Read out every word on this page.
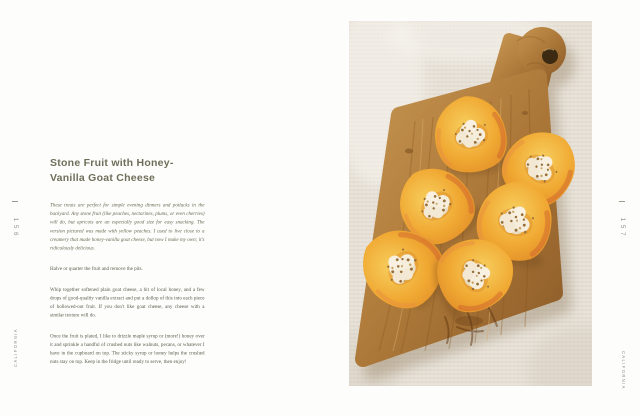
156
CALIFORNIA
Stone Fruit with Honey-
Vanilla Goat Cheese

These treats are perfect for simple evening dinners and potlucks in the backyard. Any stone fruit (like peaches, nectarines, plums, or even cherries) will do, but apricots are an especially good size for easy snacking. The version pictured was made with yellow peaches. I used to live close to a creamery that made honey-vanilla goat cheese, but now I make my own; it's ridiculously delicious.

Halve or quarter the fruit and remove the pits.

Whip together softened plain goat cheese, a bit of local honey, and a few drops of good-quality vanilla extract and put a dollop of this into each piece of hollowed-out fruit. If you don't like goat cheese, any cheese with a similar texture will do.

Once the fruit is plated, I like to drizzle maple syrup or (more!) honey over it and sprinkle a handful of crushed nuts like walnuts, pecans, or whatever I have in the cupboard on top. The sticky syrup or honey helps the crushed nuts stay on top. Keep in the fridge until ready to serve, then enjoy!

157
CALIFORNIA
